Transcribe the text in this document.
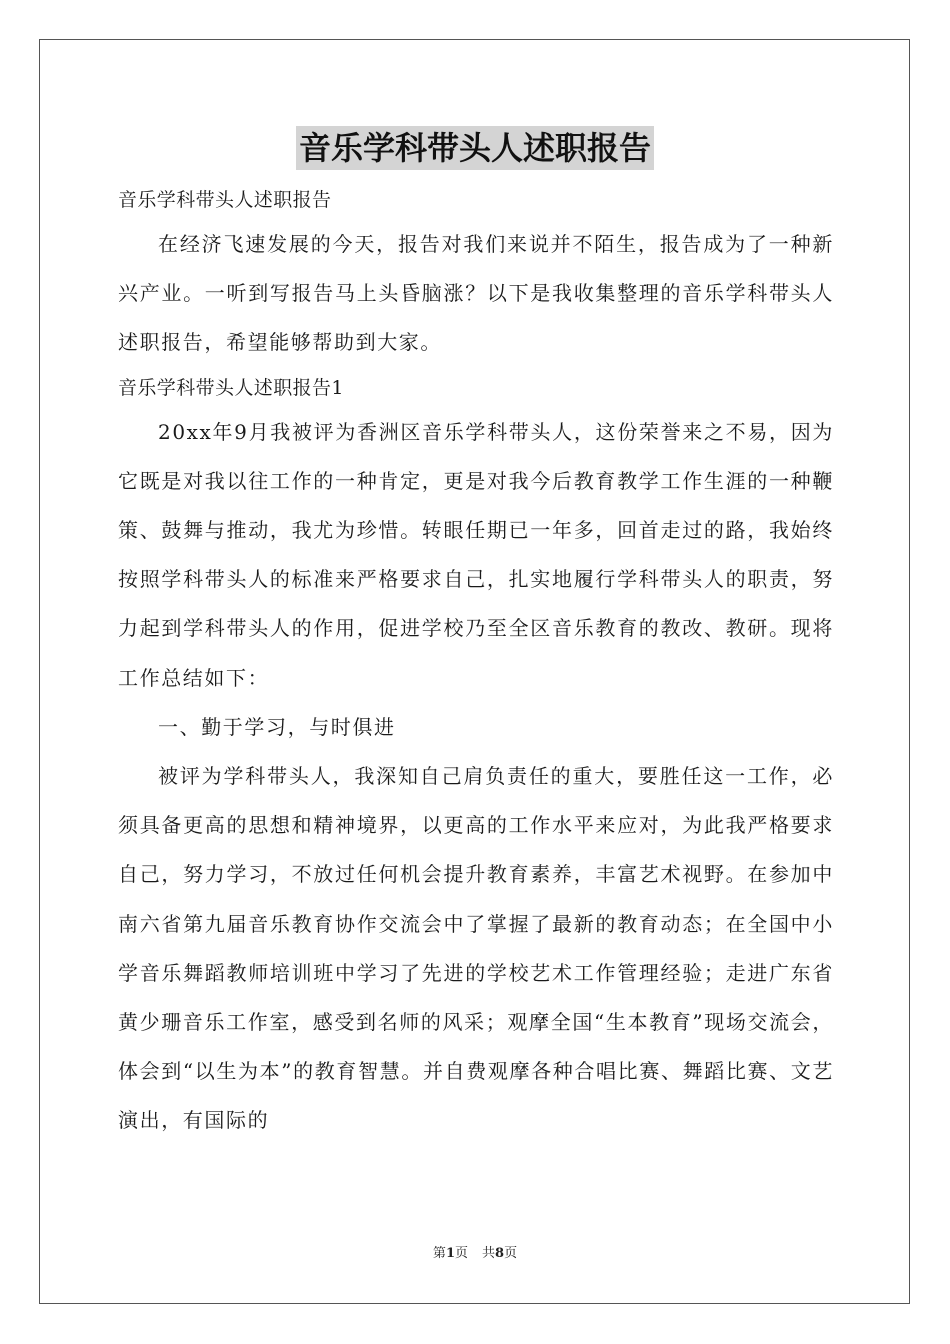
音乐学科带头人述职报告

音乐学科带头人述职报告

在经济飞速发展的今天，报告对我们来说并不陌生，报告成为了一种新兴产业。一听到写报告马上头昏脑涨？以下是我收集整理的音乐学科带头人述职报告，希望能够帮助到大家。

音乐学科带头人述职报告1

20xx年9月我被评为香洲区音乐学科带头人，这份荣誉来之不易，因为它既是对我以往工作的一种肯定，更是对我今后教育教学工作生涯的一种鞭策、鼓舞与推动，我尤为珍惜。转眼任期已一年多，回首走过的路，我始终按照学科带头人的标准来严格要求自己，扎实地履行学科带头人的职责，努力起到学科带头人的作用，促进学校乃至全区音乐教育的教改、教研。现将工作总结如下：

一、勤于学习，与时俱进

被评为学科带头人，我深知自己肩负责任的重大，要胜任这一工作，必须具备更高的思想和精神境界，以更高的工作水平来应对，为此我严格要求自己，努力学习，不放过任何机会提升教育素养，丰富艺术视野。在参加中南六省第九届音乐教育协作交流会中了掌握了最新的教育动态；在全国中小学音乐舞蹈教师培训班中学习了先进的学校艺术工作管理经验；走进广东省黄少珊音乐工作室，感受到名师的风采；观摩全国“生本教育”现场交流会，体会到“以生为本”的教育智慧。并自费观摩各种合唱比赛、舞蹈比赛、文艺演出，有国际的

第1页 共8页
